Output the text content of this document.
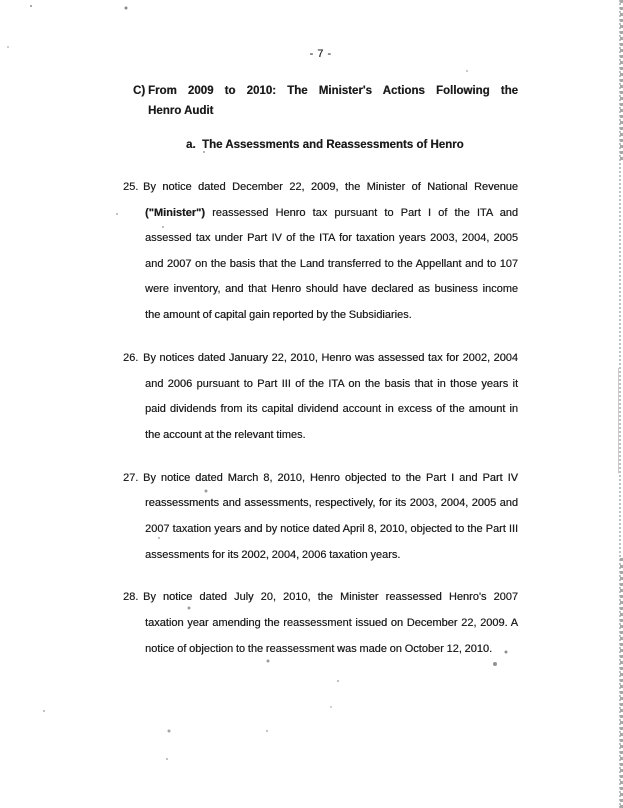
- 7 -
C) From 2009 to 2010: The Minister's Actions Following the
Henro Audit
a. The Assessments and Reassessments of Henro
25. By notice dated December 22, 2009, the Minister of National Revenue
("Minister") reassessed Henro tax pursuant to Part I of the ITA and
assessed tax under Part IV of the ITA for taxation years 2003, 2004, 2005
and 2007 on the basis that the Land transferred to the Appellant and to 107
were inventory, and that Henro should have declared as business income
the amount of capital gain reported by the Subsidiaries.
26. By notices dated January 22, 2010, Henro was assessed tax for 2002, 2004
and 2006 pursuant to Part III of the ITA on the basis that in those years it
paid dividends from its capital dividend account in excess of the amount in
the account at the relevant times.
27. By notice dated March 8, 2010, Henro objected to the Part I and Part IV
reassessments and assessments, respectively, for its 2003, 2004, 2005 and
2007 taxation years and by notice dated April 8, 2010, objected to the Part III
assessments for its 2002, 2004, 2006 taxation years.
28. By notice dated July 20, 2010, the Minister reassessed Henro's 2007
taxation year amending the reassessment issued on December 22, 2009. A
notice of objection to the reassessment was made on October 12, 2010.
